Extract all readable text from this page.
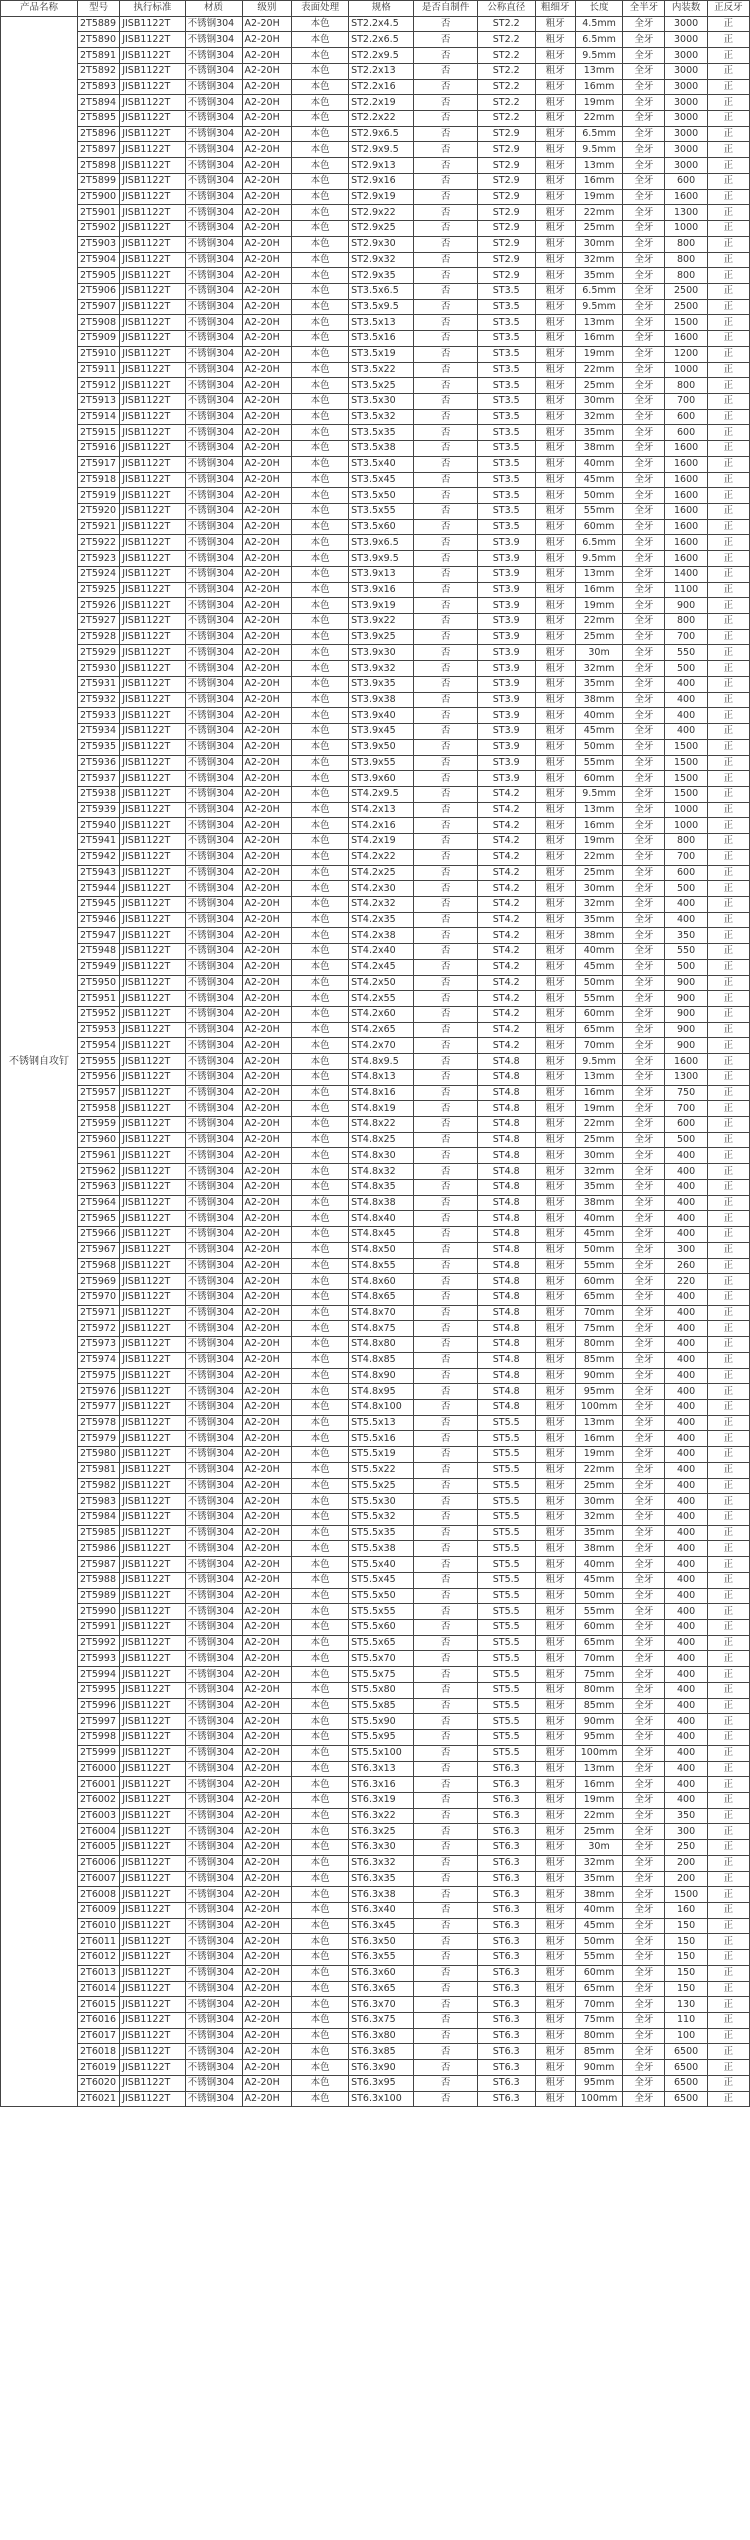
产品名称	型号	执行标准	材质	级别	表面处理	规格	是否自制件	公称直径	粗细牙	长度	全半牙	内装数	正反牙
不锈钢自攻钉	2T5889	JISB1122T	不锈钢304	A2-20H	本色	ST2.2x4.5	否	ST2.2	粗牙	4.5mm	全牙	3000	正
	2T5890	JISB1122T	不锈钢304	A2-20H	本色	ST2.2x6.5	否	ST2.2	粗牙	6.5mm	全牙	3000	正
	2T5891	JISB1122T	不锈钢304	A2-20H	本色	ST2.2x9.5	否	ST2.2	粗牙	9.5mm	全牙	3000	正
	2T5892	JISB1122T	不锈钢304	A2-20H	本色	ST2.2x13	否	ST2.2	粗牙	13mm	全牙	3000	正
	2T5893	JISB1122T	不锈钢304	A2-20H	本色	ST2.2x16	否	ST2.2	粗牙	16mm	全牙	3000	正
	2T5894	JISB1122T	不锈钢304	A2-20H	本色	ST2.2x19	否	ST2.2	粗牙	19mm	全牙	3000	正
	2T5895	JISB1122T	不锈钢304	A2-20H	本色	ST2.2x22	否	ST2.2	粗牙	22mm	全牙	3000	正
	2T5896	JISB1122T	不锈钢304	A2-20H	本色	ST2.9x6.5	否	ST2.9	粗牙	6.5mm	全牙	3000	正
	2T5897	JISB1122T	不锈钢304	A2-20H	本色	ST2.9x9.5	否	ST2.9	粗牙	9.5mm	全牙	3000	正
	2T5898	JISB1122T	不锈钢304	A2-20H	本色	ST2.9x13	否	ST2.9	粗牙	13mm	全牙	3000	正
	2T5899	JISB1122T	不锈钢304	A2-20H	本色	ST2.9x16	否	ST2.9	粗牙	16mm	全牙	600	正
	2T5900	JISB1122T	不锈钢304	A2-20H	本色	ST2.9x19	否	ST2.9	粗牙	19mm	全牙	1600	正
	2T5901	JISB1122T	不锈钢304	A2-20H	本色	ST2.9x22	否	ST2.9	粗牙	22mm	全牙	1300	正
	2T5902	JISB1122T	不锈钢304	A2-20H	本色	ST2.9x25	否	ST2.9	粗牙	25mm	全牙	1000	正
	2T5903	JISB1122T	不锈钢304	A2-20H	本色	ST2.9x30	否	ST2.9	粗牙	30mm	全牙	800	正
	2T5904	JISB1122T	不锈钢304	A2-20H	本色	ST2.9x32	否	ST2.9	粗牙	32mm	全牙	800	正
	2T5905	JISB1122T	不锈钢304	A2-20H	本色	ST2.9x35	否	ST2.9	粗牙	35mm	全牙	800	正
	2T5906	JISB1122T	不锈钢304	A2-20H	本色	ST3.5x6.5	否	ST3.5	粗牙	6.5mm	全牙	2500	正
	2T5907	JISB1122T	不锈钢304	A2-20H	本色	ST3.5x9.5	否	ST3.5	粗牙	9.5mm	全牙	2500	正
	2T5908	JISB1122T	不锈钢304	A2-20H	本色	ST3.5x13	否	ST3.5	粗牙	13mm	全牙	1500	正
	2T5909	JISB1122T	不锈钢304	A2-20H	本色	ST3.5x16	否	ST3.5	粗牙	16mm	全牙	1600	正
	2T5910	JISB1122T	不锈钢304	A2-20H	本色	ST3.5x19	否	ST3.5	粗牙	19mm	全牙	1200	正
	2T5911	JISB1122T	不锈钢304	A2-20H	本色	ST3.5x22	否	ST3.5	粗牙	22mm	全牙	1000	正
	2T5912	JISB1122T	不锈钢304	A2-20H	本色	ST3.5x25	否	ST3.5	粗牙	25mm	全牙	800	正
	2T5913	JISB1122T	不锈钢304	A2-20H	本色	ST3.5x30	否	ST3.5	粗牙	30mm	全牙	700	正
	2T5914	JISB1122T	不锈钢304	A2-20H	本色	ST3.5x32	否	ST3.5	粗牙	32mm	全牙	600	正
	2T5915	JISB1122T	不锈钢304	A2-20H	本色	ST3.5x35	否	ST3.5	粗牙	35mm	全牙	600	正
	2T5916	JISB1122T	不锈钢304	A2-20H	本色	ST3.5x38	否	ST3.5	粗牙	38mm	全牙	1600	正
	2T5917	JISB1122T	不锈钢304	A2-20H	本色	ST3.5x40	否	ST3.5	粗牙	40mm	全牙	1600	正
	2T5918	JISB1122T	不锈钢304	A2-20H	本色	ST3.5x45	否	ST3.5	粗牙	45mm	全牙	1600	正
	2T5919	JISB1122T	不锈钢304	A2-20H	本色	ST3.5x50	否	ST3.5	粗牙	50mm	全牙	1600	正
	2T5920	JISB1122T	不锈钢304	A2-20H	本色	ST3.5x55	否	ST3.5	粗牙	55mm	全牙	1600	正
	2T5921	JISB1122T	不锈钢304	A2-20H	本色	ST3.5x60	否	ST3.5	粗牙	60mm	全牙	1600	正
	2T5922	JISB1122T	不锈钢304	A2-20H	本色	ST3.9x6.5	否	ST3.9	粗牙	6.5mm	全牙	1600	正
	2T5923	JISB1122T	不锈钢304	A2-20H	本色	ST3.9x9.5	否	ST3.9	粗牙	9.5mm	全牙	1600	正
	2T5924	JISB1122T	不锈钢304	A2-20H	本色	ST3.9x13	否	ST3.9	粗牙	13mm	全牙	1400	正
	2T5925	JISB1122T	不锈钢304	A2-20H	本色	ST3.9x16	否	ST3.9	粗牙	16mm	全牙	1100	正
	2T5926	JISB1122T	不锈钢304	A2-20H	本色	ST3.9x19	否	ST3.9	粗牙	19mm	全牙	900	正
	2T5927	JISB1122T	不锈钢304	A2-20H	本色	ST3.9x22	否	ST3.9	粗牙	22mm	全牙	800	正
	2T5928	JISB1122T	不锈钢304	A2-20H	本色	ST3.9x25	否	ST3.9	粗牙	25mm	全牙	700	正
	2T5929	JISB1122T	不锈钢304	A2-20H	本色	ST3.9x30	否	ST3.9	粗牙	30m	全牙	550	正
	2T5930	JISB1122T	不锈钢304	A2-20H	本色	ST3.9x32	否	ST3.9	粗牙	32mm	全牙	500	正
	2T5931	JISB1122T	不锈钢304	A2-20H	本色	ST3.9x35	否	ST3.9	粗牙	35mm	全牙	400	正
	2T5932	JISB1122T	不锈钢304	A2-20H	本色	ST3.9x38	否	ST3.9	粗牙	38mm	全牙	400	正
	2T5933	JISB1122T	不锈钢304	A2-20H	本色	ST3.9x40	否	ST3.9	粗牙	40mm	全牙	400	正
	2T5934	JISB1122T	不锈钢304	A2-20H	本色	ST3.9x45	否	ST3.9	粗牙	45mm	全牙	400	正
	2T5935	JISB1122T	不锈钢304	A2-20H	本色	ST3.9x50	否	ST3.9	粗牙	50mm	全牙	1500	正
	2T5936	JISB1122T	不锈钢304	A2-20H	本色	ST3.9x55	否	ST3.9	粗牙	55mm	全牙	1500	正
	2T5937	JISB1122T	不锈钢304	A2-20H	本色	ST3.9x60	否	ST3.9	粗牙	60mm	全牙	1500	正
	2T5938	JISB1122T	不锈钢304	A2-20H	本色	ST4.2x9.5	否	ST4.2	粗牙	9.5mm	全牙	1500	正
	2T5939	JISB1122T	不锈钢304	A2-20H	本色	ST4.2x13	否	ST4.2	粗牙	13mm	全牙	1000	正
	2T5940	JISB1122T	不锈钢304	A2-20H	本色	ST4.2x16	否	ST4.2	粗牙	16mm	全牙	1000	正
	2T5941	JISB1122T	不锈钢304	A2-20H	本色	ST4.2x19	否	ST4.2	粗牙	19mm	全牙	800	正
	2T5942	JISB1122T	不锈钢304	A2-20H	本色	ST4.2x22	否	ST4.2	粗牙	22mm	全牙	700	正
	2T5943	JISB1122T	不锈钢304	A2-20H	本色	ST4.2x25	否	ST4.2	粗牙	25mm	全牙	600	正
	2T5944	JISB1122T	不锈钢304	A2-20H	本色	ST4.2x30	否	ST4.2	粗牙	30mm	全牙	500	正
	2T5945	JISB1122T	不锈钢304	A2-20H	本色	ST4.2x32	否	ST4.2	粗牙	32mm	全牙	400	正
	2T5946	JISB1122T	不锈钢304	A2-20H	本色	ST4.2x35	否	ST4.2	粗牙	35mm	全牙	400	正
	2T5947	JISB1122T	不锈钢304	A2-20H	本色	ST4.2x38	否	ST4.2	粗牙	38mm	全牙	350	正
	2T5948	JISB1122T	不锈钢304	A2-20H	本色	ST4.2x40	否	ST4.2	粗牙	40mm	全牙	550	正
	2T5949	JISB1122T	不锈钢304	A2-20H	本色	ST4.2x45	否	ST4.2	粗牙	45mm	全牙	500	正
	2T5950	JISB1122T	不锈钢304	A2-20H	本色	ST4.2x50	否	ST4.2	粗牙	50mm	全牙	900	正
	2T5951	JISB1122T	不锈钢304	A2-20H	本色	ST4.2x55	否	ST4.2	粗牙	55mm	全牙	900	正
	2T5952	JISB1122T	不锈钢304	A2-20H	本色	ST4.2x60	否	ST4.2	粗牙	60mm	全牙	900	正
	2T5953	JISB1122T	不锈钢304	A2-20H	本色	ST4.2x65	否	ST4.2	粗牙	65mm	全牙	900	正
	2T5954	JISB1122T	不锈钢304	A2-20H	本色	ST4.2x70	否	ST4.2	粗牙	70mm	全牙	900	正
	2T5955	JISB1122T	不锈钢304	A2-20H	本色	ST4.8x9.5	否	ST4.8	粗牙	9.5mm	全牙	1600	正
	2T5956	JISB1122T	不锈钢304	A2-20H	本色	ST4.8x13	否	ST4.8	粗牙	13mm	全牙	1300	正
	2T5957	JISB1122T	不锈钢304	A2-20H	本色	ST4.8x16	否	ST4.8	粗牙	16mm	全牙	750	正
	2T5958	JISB1122T	不锈钢304	A2-20H	本色	ST4.8x19	否	ST4.8	粗牙	19mm	全牙	700	正
	2T5959	JISB1122T	不锈钢304	A2-20H	本色	ST4.8x22	否	ST4.8	粗牙	22mm	全牙	600	正
	2T5960	JISB1122T	不锈钢304	A2-20H	本色	ST4.8x25	否	ST4.8	粗牙	25mm	全牙	500	正
	2T5961	JISB1122T	不锈钢304	A2-20H	本色	ST4.8x30	否	ST4.8	粗牙	30mm	全牙	400	正
	2T5962	JISB1122T	不锈钢304	A2-20H	本色	ST4.8x32	否	ST4.8	粗牙	32mm	全牙	400	正
	2T5963	JISB1122T	不锈钢304	A2-20H	本色	ST4.8x35	否	ST4.8	粗牙	35mm	全牙	400	正
	2T5964	JISB1122T	不锈钢304	A2-20H	本色	ST4.8x38	否	ST4.8	粗牙	38mm	全牙	400	正
	2T5965	JISB1122T	不锈钢304	A2-20H	本色	ST4.8x40	否	ST4.8	粗牙	40mm	全牙	400	正
	2T5966	JISB1122T	不锈钢304	A2-20H	本色	ST4.8x45	否	ST4.8	粗牙	45mm	全牙	400	正
	2T5967	JISB1122T	不锈钢304	A2-20H	本色	ST4.8x50	否	ST4.8	粗牙	50mm	全牙	300	正
	2T5968	JISB1122T	不锈钢304	A2-20H	本色	ST4.8x55	否	ST4.8	粗牙	55mm	全牙	260	正
	2T5969	JISB1122T	不锈钢304	A2-20H	本色	ST4.8x60	否	ST4.8	粗牙	60mm	全牙	220	正
	2T5970	JISB1122T	不锈钢304	A2-20H	本色	ST4.8x65	否	ST4.8	粗牙	65mm	全牙	400	正
	2T5971	JISB1122T	不锈钢304	A2-20H	本色	ST4.8x70	否	ST4.8	粗牙	70mm	全牙	400	正
	2T5972	JISB1122T	不锈钢304	A2-20H	本色	ST4.8x75	否	ST4.8	粗牙	75mm	全牙	400	正
	2T5973	JISB1122T	不锈钢304	A2-20H	本色	ST4.8x80	否	ST4.8	粗牙	80mm	全牙	400	正
	2T5974	JISB1122T	不锈钢304	A2-20H	本色	ST4.8x85	否	ST4.8	粗牙	85mm	全牙	400	正
	2T5975	JISB1122T	不锈钢304	A2-20H	本色	ST4.8x90	否	ST4.8	粗牙	90mm	全牙	400	正
	2T5976	JISB1122T	不锈钢304	A2-20H	本色	ST4.8x95	否	ST4.8	粗牙	95mm	全牙	400	正
	2T5977	JISB1122T	不锈钢304	A2-20H	本色	ST4.8x100	否	ST4.8	粗牙	100mm	全牙	400	正
	2T5978	JISB1122T	不锈钢304	A2-20H	本色	ST5.5x13	否	ST5.5	粗牙	13mm	全牙	400	正
	2T5979	JISB1122T	不锈钢304	A2-20H	本色	ST5.5x16	否	ST5.5	粗牙	16mm	全牙	400	正
	2T5980	JISB1122T	不锈钢304	A2-20H	本色	ST5.5x19	否	ST5.5	粗牙	19mm	全牙	400	正
	2T5981	JISB1122T	不锈钢304	A2-20H	本色	ST5.5x22	否	ST5.5	粗牙	22mm	全牙	400	正
	2T5982	JISB1122T	不锈钢304	A2-20H	本色	ST5.5x25	否	ST5.5	粗牙	25mm	全牙	400	正
	2T5983	JISB1122T	不锈钢304	A2-20H	本色	ST5.5x30	否	ST5.5	粗牙	30mm	全牙	400	正
	2T5984	JISB1122T	不锈钢304	A2-20H	本色	ST5.5x32	否	ST5.5	粗牙	32mm	全牙	400	正
	2T5985	JISB1122T	不锈钢304	A2-20H	本色	ST5.5x35	否	ST5.5	粗牙	35mm	全牙	400	正
	2T5986	JISB1122T	不锈钢304	A2-20H	本色	ST5.5x38	否	ST5.5	粗牙	38mm	全牙	400	正
	2T5987	JISB1122T	不锈钢304	A2-20H	本色	ST5.5x40	否	ST5.5	粗牙	40mm	全牙	400	正
	2T5988	JISB1122T	不锈钢304	A2-20H	本色	ST5.5x45	否	ST5.5	粗牙	45mm	全牙	400	正
	2T5989	JISB1122T	不锈钢304	A2-20H	本色	ST5.5x50	否	ST5.5	粗牙	50mm	全牙	400	正
	2T5990	JISB1122T	不锈钢304	A2-20H	本色	ST5.5x55	否	ST5.5	粗牙	55mm	全牙	400	正
	2T5991	JISB1122T	不锈钢304	A2-20H	本色	ST5.5x60	否	ST5.5	粗牙	60mm	全牙	400	正
	2T5992	JISB1122T	不锈钢304	A2-20H	本色	ST5.5x65	否	ST5.5	粗牙	65mm	全牙	400	正
	2T5993	JISB1122T	不锈钢304	A2-20H	本色	ST5.5x70	否	ST5.5	粗牙	70mm	全牙	400	正
	2T5994	JISB1122T	不锈钢304	A2-20H	本色	ST5.5x75	否	ST5.5	粗牙	75mm	全牙	400	正
	2T5995	JISB1122T	不锈钢304	A2-20H	本色	ST5.5x80	否	ST5.5	粗牙	80mm	全牙	400	正
	2T5996	JISB1122T	不锈钢304	A2-20H	本色	ST5.5x85	否	ST5.5	粗牙	85mm	全牙	400	正
	2T5997	JISB1122T	不锈钢304	A2-20H	本色	ST5.5x90	否	ST5.5	粗牙	90mm	全牙	400	正
	2T5998	JISB1122T	不锈钢304	A2-20H	本色	ST5.5x95	否	ST5.5	粗牙	95mm	全牙	400	正
	2T5999	JISB1122T	不锈钢304	A2-20H	本色	ST5.5x100	否	ST5.5	粗牙	100mm	全牙	400	正
	2T6000	JISB1122T	不锈钢304	A2-20H	本色	ST6.3x13	否	ST6.3	粗牙	13mm	全牙	400	正
	2T6001	JISB1122T	不锈钢304	A2-20H	本色	ST6.3x16	否	ST6.3	粗牙	16mm	全牙	400	正
	2T6002	JISB1122T	不锈钢304	A2-20H	本色	ST6.3x19	否	ST6.3	粗牙	19mm	全牙	400	正
	2T6003	JISB1122T	不锈钢304	A2-20H	本色	ST6.3x22	否	ST6.3	粗牙	22mm	全牙	350	正
	2T6004	JISB1122T	不锈钢304	A2-20H	本色	ST6.3x25	否	ST6.3	粗牙	25mm	全牙	300	正
	2T6005	JISB1122T	不锈钢304	A2-20H	本色	ST6.3x30	否	ST6.3	粗牙	30m	全牙	250	正
	2T6006	JISB1122T	不锈钢304	A2-20H	本色	ST6.3x32	否	ST6.3	粗牙	32mm	全牙	200	正
	2T6007	JISB1122T	不锈钢304	A2-20H	本色	ST6.3x35	否	ST6.3	粗牙	35mm	全牙	200	正
	2T6008	JISB1122T	不锈钢304	A2-20H	本色	ST6.3x38	否	ST6.3	粗牙	38mm	全牙	1500	正
	2T6009	JISB1122T	不锈钢304	A2-20H	本色	ST6.3x40	否	ST6.3	粗牙	40mm	全牙	160	正
	2T6010	JISB1122T	不锈钢304	A2-20H	本色	ST6.3x45	否	ST6.3	粗牙	45mm	全牙	150	正
	2T6011	JISB1122T	不锈钢304	A2-20H	本色	ST6.3x50	否	ST6.3	粗牙	50mm	全牙	150	正
	2T6012	JISB1122T	不锈钢304	A2-20H	本色	ST6.3x55	否	ST6.3	粗牙	55mm	全牙	150	正
	2T6013	JISB1122T	不锈钢304	A2-20H	本色	ST6.3x60	否	ST6.3	粗牙	60mm	全牙	150	正
	2T6014	JISB1122T	不锈钢304	A2-20H	本色	ST6.3x65	否	ST6.3	粗牙	65mm	全牙	150	正
	2T6015	JISB1122T	不锈钢304	A2-20H	本色	ST6.3x70	否	ST6.3	粗牙	70mm	全牙	130	正
	2T6016	JISB1122T	不锈钢304	A2-20H	本色	ST6.3x75	否	ST6.3	粗牙	75mm	全牙	110	正
	2T6017	JISB1122T	不锈钢304	A2-20H	本色	ST6.3x80	否	ST6.3	粗牙	80mm	全牙	100	正
	2T6018	JISB1122T	不锈钢304	A2-20H	本色	ST6.3x85	否	ST6.3	粗牙	85mm	全牙	6500	正
	2T6019	JISB1122T	不锈钢304	A2-20H	本色	ST6.3x90	否	ST6.3	粗牙	90mm	全牙	6500	正
	2T6020	JISB1122T	不锈钢304	A2-20H	本色	ST6.3x95	否	ST6.3	粗牙	95mm	全牙	6500	正
	2T6021	JISB1122T	不锈钢304	A2-20H	本色	ST6.3x100	否	ST6.3	粗牙	100mm	全牙	6500	正
